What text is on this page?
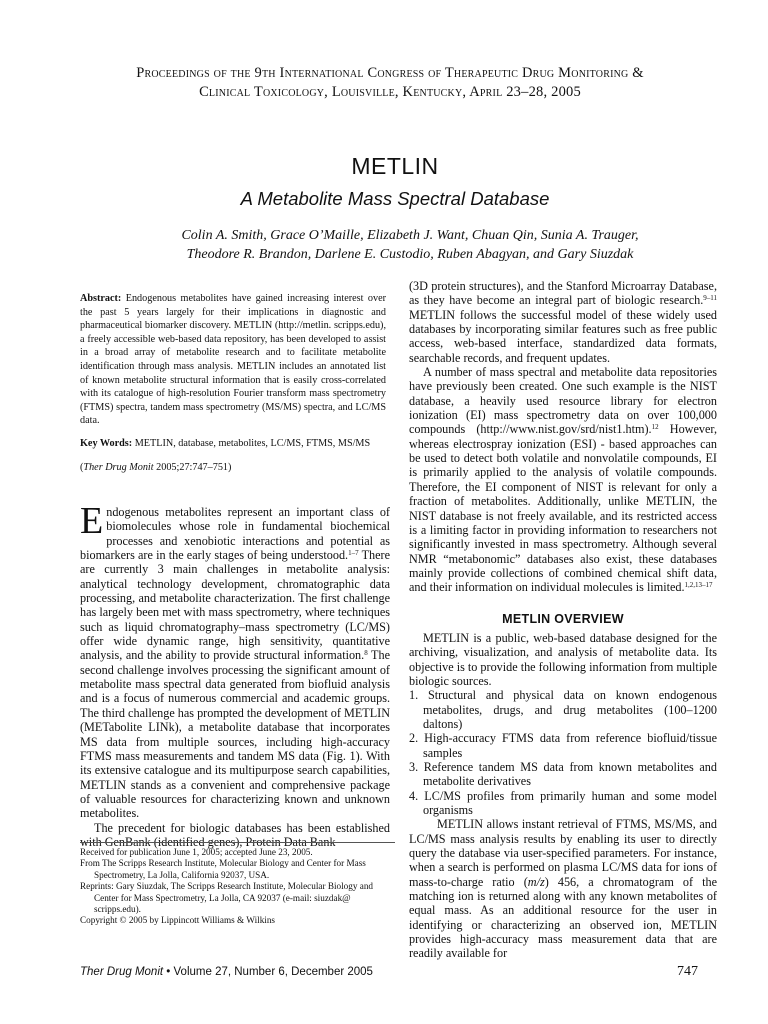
Proceedings of the 9th International Congress of Therapeutic Drug Monitoring &
Clinical Toxicology, Louisville, Kentucky, April 23–28, 2005
METLIN
A Metabolite Mass Spectral Database
Colin A. Smith, Grace O’Maille, Elizabeth J. Want, Chuan Qin, Sunia A. Trauger,
Theodore R. Brandon, Darlene E. Custodio, Ruben Abagyan, and Gary Siuzdak

Abstract: Endogenous metabolites have gained increasing interest over the past 5 years largely for their implications in diagnostic and pharmaceutical biomarker discovery. METLIN (http://metlin. scripps.edu), a freely accessible web-based data repository, has been developed to assist in a broad array of metabolite research and to facilitate metabolite identification through mass analysis. METLIN includes an annotated list of known metabolite structural information that is easily cross-correlated with its catalogue of high-resolution Fourier transform mass spectrometry (FTMS) spectra, tandem mass spectrometry (MS/MS) spectra, and LC/MS data.

Key Words: METLIN, database, metabolites, LC/MS, FTMS, MS/MS

(Ther Drug Monit 2005;27:747–751)

Endogenous metabolites represent an important class of biomolecules whose role in fundamental biochemical processes and xenobiotic interactions and potential as biomarkers are in the early stages of being understood.$^{1-7}$ There are currently 3 main challenges in metabolite analysis: analytical technology development, chromatographic data processing, and metabolite characterization. The first challenge has largely been met with mass spectrometry, where techniques such as liquid chromatography–mass spectrometry (LC/MS) offer wide dynamic range, high sensitivity, quantitative analysis, and the ability to provide structural information.$^8$ The second challenge involves processing the significant amount of metabolite mass spectral data generated from biofluid analysis and is a focus of numerous commercial and academic groups. The third challenge has prompted the development of METLIN (METabolite LINk), a metabolite database that incorporates MS data from multiple sources, including high-accuracy FTMS mass measurements and tandem MS data (Fig. 1). With its extensive catalogue and its multipurpose search capabilities, METLIN stands as a convenient and comprehensive package of valuable resources for characterizing known and unknown metabolites.

The precedent for biologic databases has been established with GenBank (identified genes), Protein Data Bank

Received for publication June 1, 2005; accepted June 23, 2005.
From The Scripps Research Institute, Molecular Biology and Center for Mass Spectrometry, La Jolla, California 92037, USA.
Reprints: Gary Siuzdak, The Scripps Research Institute, Molecular Biology and Center for Mass Spectrometry, La Jolla, CA 92037 (e-mail: siuzdak@ scripps.edu).
Copyright © 2005 by Lippincott Williams & Wilkins

(3D protein structures), and the Stanford Microarray Database, as they have become an integral part of biologic research.$^{9-11}$ METLIN follows the successful model of these widely used databases by incorporating similar features such as free public access, web-based interface, standardized data formats, searchable records, and frequent updates.

A number of mass spectral and metabolite data repositories have previously been created. One such example is the NIST database, a heavily used resource library for electron ionization (EI) mass spectrometry data on over 100,000 compounds (http://www.nist.gov/srd/nist1.htm).$^{12}$ However, whereas electrospray ionization (ESI) - based approaches can be used to detect both volatile and nonvolatile compounds, EI is primarily applied to the analysis of volatile compounds. Therefore, the EI component of NIST is relevant for only a fraction of metabolites. Additionally, unlike METLIN, the NIST database is not freely available, and its restricted access is a limiting factor in providing information to researchers not significantly invested in mass spectrometry. Although several NMR “metabonomic” databases also exist, these databases mainly provide collections of combined chemical shift data, and their information on individual molecules is limited.$^{1,2,13-17}$

METLIN OVERVIEW

METLIN is a public, web-based database designed for the archiving, visualization, and analysis of metabolite data. Its objective is to provide the following information from multiple biologic sources.

1. Structural and physical data on known endogenous metabolites, drugs, and drug metabolites (100–1200 daltons)
2. High-accuracy FTMS data from reference biofluid/tissue samples
3. Reference tandem MS data from known metabolites and metabolite derivatives
4. LC/MS profiles from primarily human and some model organisms

METLIN allows instant retrieval of FTMS, MS/MS, and LC/MS mass analysis results by enabling its user to directly query the database via user-specified parameters. For instance, when a search is performed on plasma LC/MS data for ions of mass-to-charge ratio (m/z) 456, a chromatogram of the matching ion is returned along with any known metabolites of equal mass. As an additional resource for the user in identifying or characterizing an observed ion, METLIN provides high-accuracy mass measurement data that are readily available for

Ther Drug Monit • Volume 27, Number 6, December 2005	747
